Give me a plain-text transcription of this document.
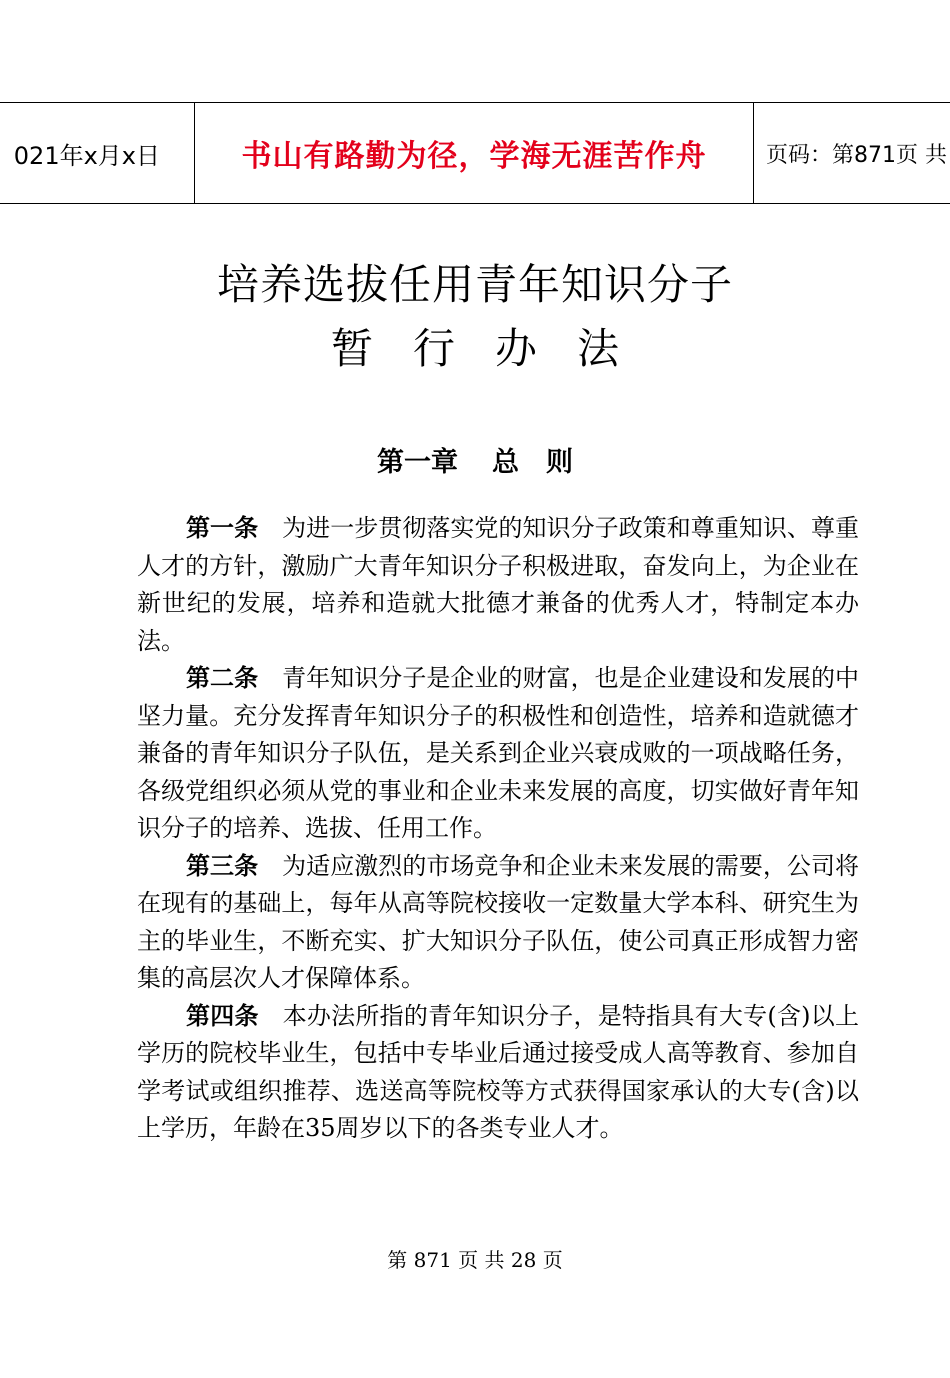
021年x月x日	书山有路勤为径，学海无涯苦作舟	页码：第871页 共
培养选拔任用青年知识分子
暂行办法
第一章 总　则

第一条 为进一步贯彻落实党的知识分子政策和尊重知识、尊重人才的方针，激励广大青年知识分子积极进取，奋发向上，为企业在新世纪的发展，培养和造就大批德才兼备的优秀人才，特制定本办法。

第二条 青年知识分子是企业的财富，也是企业建设和发展的中坚力量。充分发挥青年知识分子的积极性和创造性，培养和造就德才兼备的青年知识分子队伍，是关系到企业兴衰成败的一项战略任务，各级党组织必须从党的事业和企业未来发展的高度，切实做好青年知识分子的培养、选拔、任用工作。

第三条 为适应激烈的市场竞争和企业未来发展的需要，公司将在现有的基础上，每年从高等院校接收一定数量大学本科、研究生为主的毕业生，不断充实、扩大知识分子队伍，使公司真正形成智力密集的高层次人才保障体系。

第四条 本办法所指的青年知识分子，是特指具有大专(含)以上学历的院校毕业生，包括中专毕业后通过接受成人高等教育、参加自学考试或组织推荐、选送高等院校等方式获得国家承认的大专(含)以上学历，年龄在35周岁以下的各类专业人才。

第 871 页 共 28 页
